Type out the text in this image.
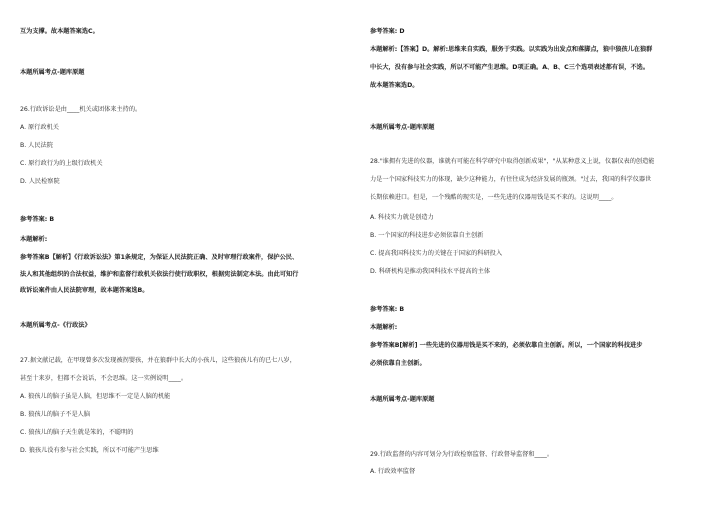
互为支撑。故本题答案选C。
本题所属考点-题库原题
26.行政诉讼是由____机关或团体来主持的。
A. 原行政机关
B. 人民法院
C. 原行政行为的上级行政机关
D. 人民检察院
参考答案: B
本题解析:
参考答案B【解析】《行政诉讼法》第1条规定，为保证人民法院正确、及时审理行政案件，保护公民、
法人和其他组织的合法权益，维护和监督行政机关依法行使行政职权，根据宪法制定本法。由此可知行
政诉讼案件由人民法院审理，故本题答案选B。
本题所属考点-《行政法》
27.据文献记载，在甲现曾多次发现被拐婴孩，并在狼群中长大的小孩儿，这些狼孩儿有的已七八岁，
甚至十来岁，但都不会说话，不会思维。这一实例说明____。
A. 狼孩儿的脑子虽是人脑，但思维不一定是人脑的机能
B. 狼孩儿的脑子不是人脑
C. 狼孩儿的脑子天生就是笨的，不聪明的
D. 狼孩儿没有参与社会实践，所以不可能产生思维
参考答案: D
本题解析:【答案】D。解析:思维来自实践，服务于实践。以实践为出发点和落脚点，狼中狼孩儿在狼群
中长大，没有参与社会实践，所以不可能产生思维。D项正确。A、B、C三个选项表述都有误，不选。
故本题答案选D。
本题所属考点-题库原题
28."谁拥有先进的仪器，谁就有可能在科学研究中取得创新成果"，"从某种意义上说，仪器仪表的创造能
力是一个国家科技实力的体现，缺少这种能力，有往往成为经济发展的瓶颈。"过去，我国的科学仪器世
长期依赖进口。但是，一个残酷的现实是，一些先进的仪器用钱是买不来的。这说明____。
A. 科技实力就是创造力
B. 一个国家的科技进步必须依靠自主创新
C. 提高我国科技实力的关键在于国家的科研投入
D. 科研机构是推动我国科技水平提高的主体
参考答案: B
本题解析:
参考答案B[解析] 一些先进的仪器用钱是买不来的，必须依靠自主创新。所以，一个国家的科技进步
必须依靠自主创新。
本题所属考点-题库原题
29.行政监督的内容可划分为行政检察监督、行政督导监督和____。
A. 行政效率监督
